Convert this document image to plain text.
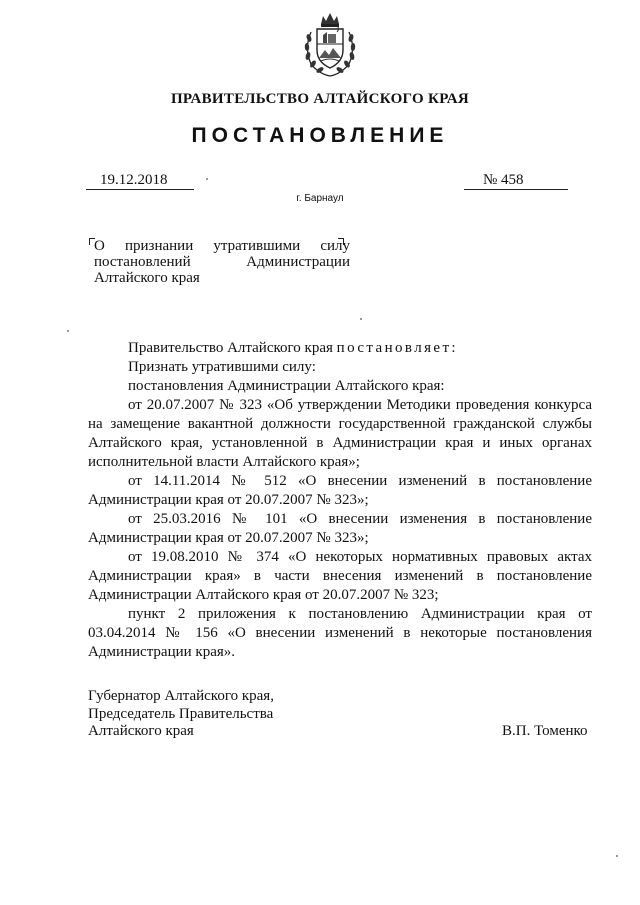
ПРАВИТЕЛЬСТВО АЛТАЙСКОГО КРАЯ
ПОСТАНОВЛЕНИЕ
19.12.2018	№ 458
г. Барнаул
О признании утратившими силу постановлений Администрации Алтайского края

Правительство Алтайского края постановляет:

Признать утратившими силу:

постановления Администрации Алтайского края:

от 20.07.2007 № 323 «Об утверждении Методики проведения конкурса на замещение вакантной должности государственной гражданской службы Алтайского края, установленной в Администрации края и иных органах исполнительной власти Алтайского края»;

от 14.11.2014 № 512 «О внесении изменений в постановление Администрации края от 20.07.2007 № 323»;

от 25.03.2016 № 101 «О внесении изменения в постановление Администрации края от 20.07.2007 № 323»;

от 19.08.2010 № 374 «О некоторых нормативных правовых актах Администрации края» в части внесения изменений в постановление Администрации Алтайского края от 20.07.2007 № 323;

пункт 2 приложения к постановлению Администрации края от 03.04.2014 № 156 «О внесении изменений в некоторые постановления Администрации края».

Губернатор Алтайского края,
Председатель Правительства
Алтайского края	В.П. Томенко
